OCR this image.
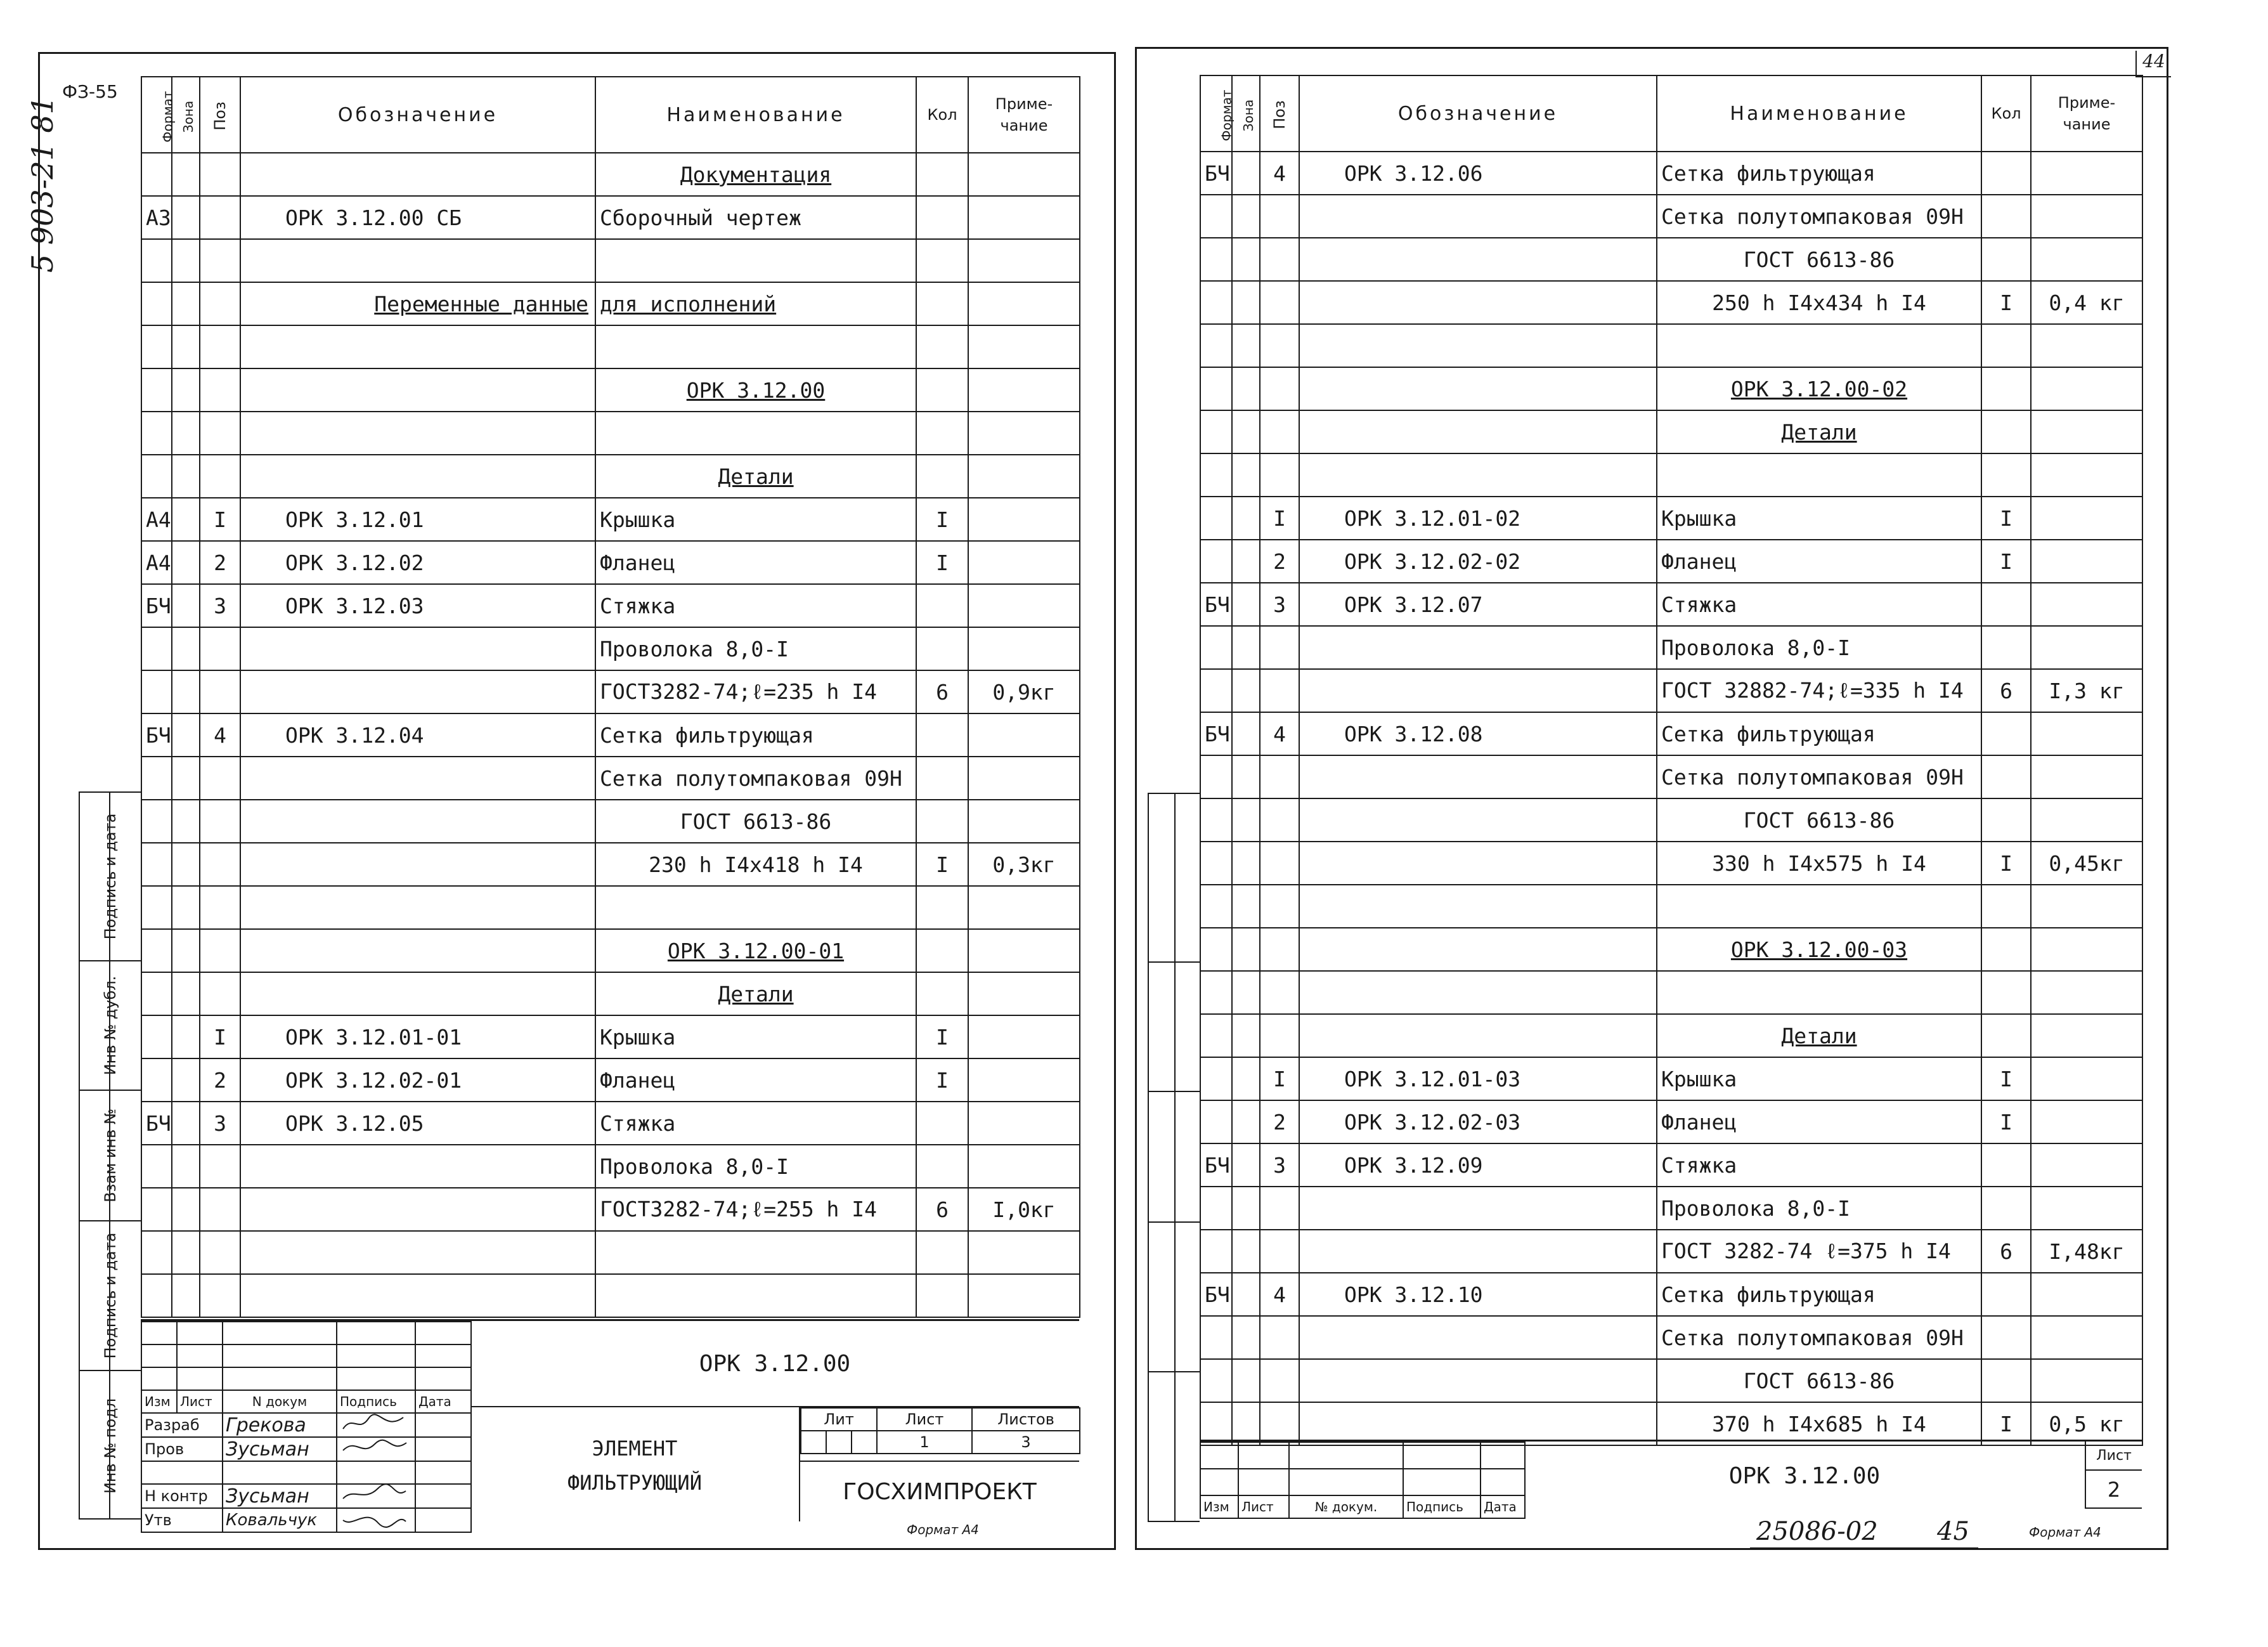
ФЗ-55
5 903-21 81	Формат	Зона	Поз	Обозначение	Наименование	Кол	Приме-
чание

				Документация		
А3			ОРК 3.12.00 СБ	Сборочный чертеж		

			Переменные данные	для исполнений		

				ОРК 3.12.00		

				Детали		
А4		I	ОРК 3.12.01	Крышка	I	
А4		2	ОРК 3.12.02	Фланец	I	
БЧ		3	ОРК 3.12.03	Стяжка		
				Проволока 8,0-I		
				ГОСТ3282-74;ℓ=235 h I4	6	0,9кг
БЧ		4	ОРК 3.12.04	Сетка фильтрующая		
				Сетка полутомпаковая 09Н		
				ГОСТ 6613-86		
				230 h I4х418 h I4	I	0,3кг

				ОРК 3.12.00-01		
				Детали		
		I	ОРК 3.12.01-01	Крышка	I	
		2	ОРК 3.12.02-01	Фланец	I	
БЧ		3	ОРК 3.12.05	Стяжка		
				Проволока 8,0-I		
				ГОСТ3282-74;ℓ=255 h I4	6	I,0кг

Подпись и дата
Инв № дубл.
Взам инв №
Подпись и дата
Инв № подл

				Изм	Лист	N докум	Подпись	Дата
Разраб		Грекова		
Пров		Зусьман		

Н контр		Зусьман		
Утв		Ковальчук		
ОРК 3.12.00
ЭЛЕМЕНТ
ФИЛЬТРУЮЩИЙ
Лит			Лист	Листов
			1	3
ГОСХИМПРОЕКТ
Формат А4
44
Формат	Зона	Поз	Обозначение	Наименование	Кол	Приме-
чание

БЧ		4	ОРК 3.12.06	Сетка фильтрующая		
				Сетка полутомпаковая 09Н		
				ГОСТ 6613-86		
				250 h I4х434 h I4	I	0,4 кг

				ОРК 3.12.00-02		
				Детали		

		I	ОРК 3.12.01-02	Крышка	I	
		2	ОРК 3.12.02-02	Фланец	I	
БЧ		3	ОРК 3.12.07	Стяжка		
				Проволока 8,0-I		
				ГОСТ 32882-74;ℓ=335 h I4	6	I,3 кг
БЧ		4	ОРК 3.12.08	Сетка фильтрующая		
				Сетка полутомпаковая 09Н		
				ГОСТ 6613-86		
				330 h I4х575 h I4	I	0,45кг

				ОРК 3.12.00-03		

				Детали		
		I	ОРК 3.12.01-03	Крышка	I	
		2	ОРК 3.12.02-03	Фланец	I	
БЧ		3	ОРК 3.12.09	Стяжка		
				Проволока 8,0-I		
				ГОСТ 3282-74 ℓ=375 h I4	6	I,48кг
БЧ		4	ОРК 3.12.10	Сетка фильтрующая		
				Сетка полутомпаковая 09Н		
				ГОСТ 6613-86		
				370 h I4х685 h I4	I	0,5 кг

Изм	Лист	№ докум.	Подпись	Дата
ОРК 3.12.00
Лист
2
25086-02 45	Формат А4
